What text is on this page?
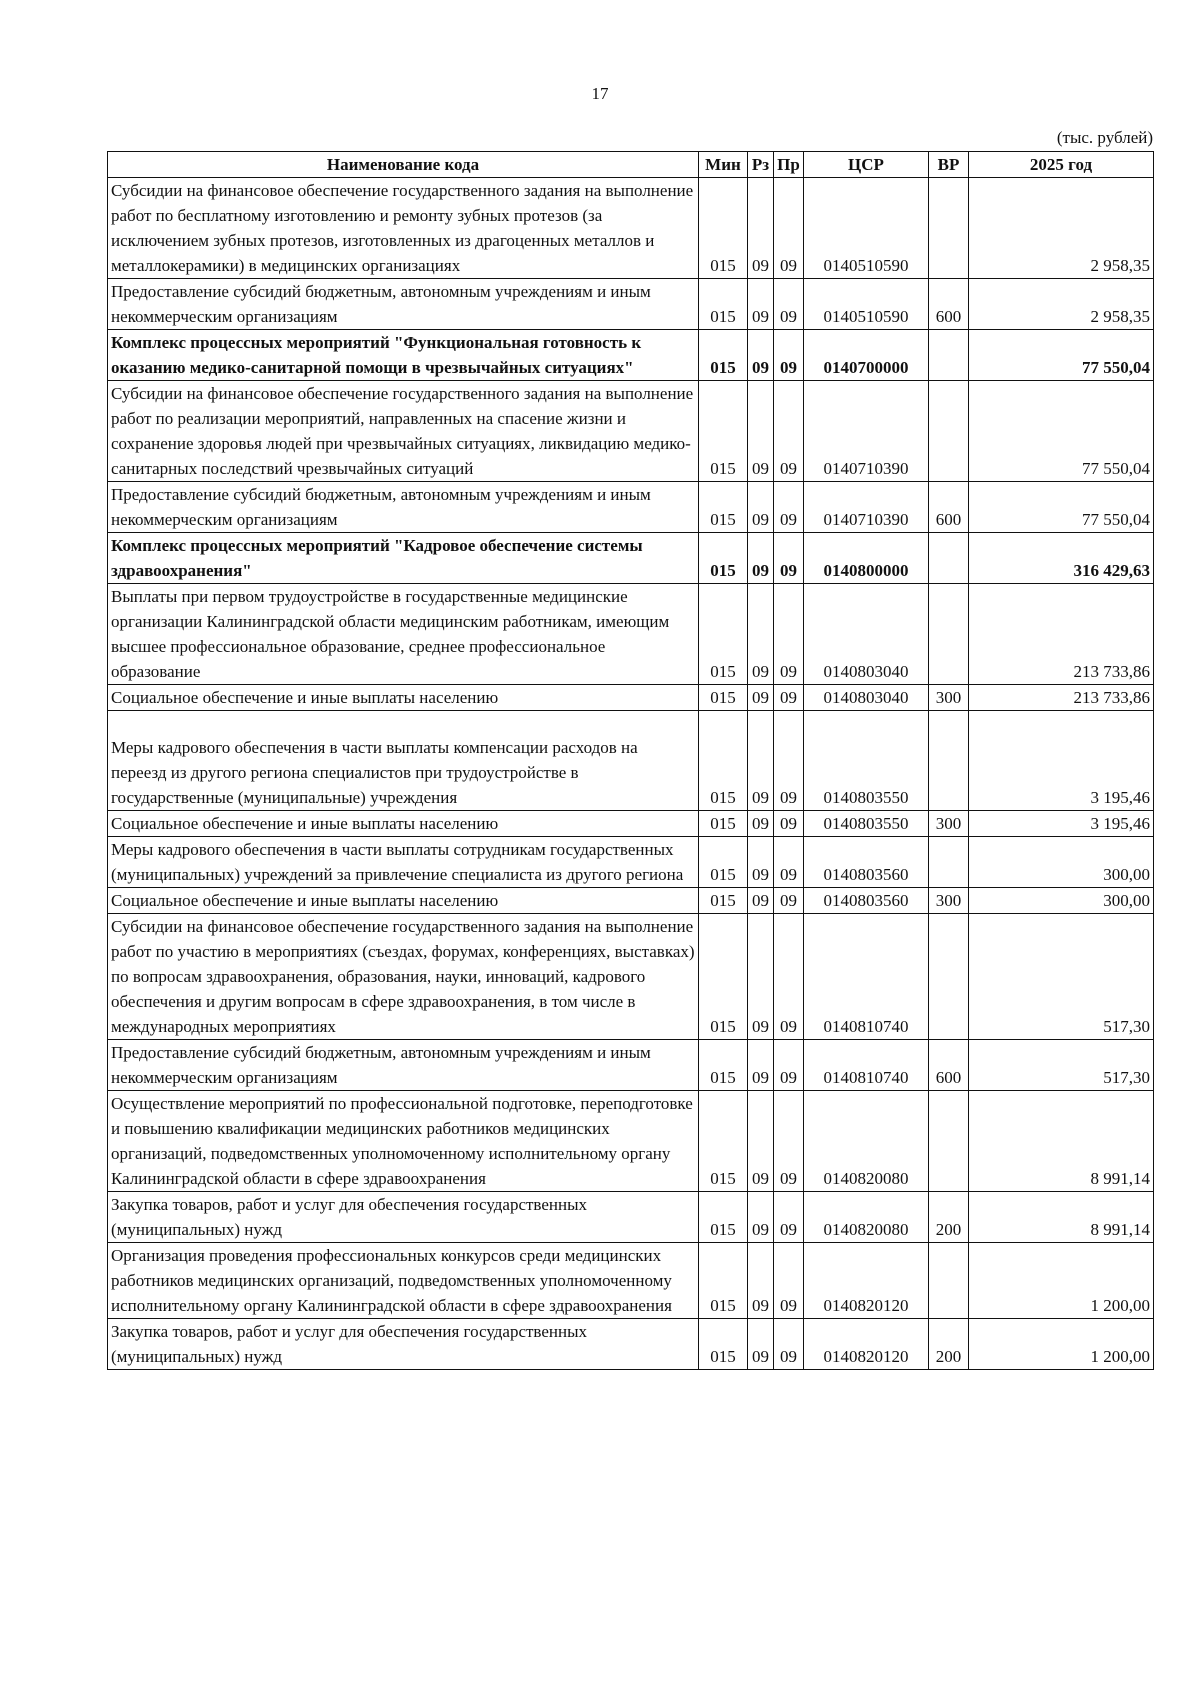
17
(тыс. рублей)
Наименование кода	Мин	Рз	Пр	ЦСР	ВР	2025 год
Субсидии на финансовое обеспечение государственного задания на выполнение работ по бесплатному изготовлению и ремонту зубных протезов (за исключением зубных протезов, изготовленных из драгоценных металлов и металлокерамики) в медицинских организациях	015	09	09	0140510590		2 958,35
Предоставление субсидий бюджетным, автономным учреждениям и иным некоммерческим организациям	015	09	09	0140510590	600	2 958,35
Комплекс процессных мероприятий "Функциональная готовность к оказанию медико-санитарной помощи в чрезвычайных ситуациях"	015	09	09	0140700000		77 550,04
Субсидии на финансовое обеспечение государственного задания на выполнение работ по реализации мероприятий, направленных на спасение жизни и сохранение здоровья людей при чрезвычайных ситуациях, ликвидацию медико-санитарных последствий чрезвычайных ситуаций	015	09	09	0140710390		77 550,04
Предоставление субсидий бюджетным, автономным учреждениям и иным некоммерческим организациям	015	09	09	0140710390	600	77 550,04
Комплекс процессных мероприятий "Кадровое обеспечение системы здравоохранения"	015	09	09	0140800000		316 429,63
Выплаты при первом трудоустройстве в государственные медицинские организации Калининградской области медицинским работникам, имеющим высшее профессиональное образование, среднее профессиональное образование	015	09	09	0140803040		213 733,86
Социальное обеспечение и иные выплаты населению	015	09	09	0140803040	300	213 733,86
Меры кадрового обеспечения в части выплаты компенсации расходов на переезд из другого региона специалистов при трудоустройстве в государственные (муниципальные) учреждения	015	09	09	0140803550		3 195,46
Социальное обеспечение и иные выплаты населению	015	09	09	0140803550	300	3 195,46
Меры кадрового обеспечения в части выплаты сотрудникам государственных (муниципальных) учреждений за привлечение специалиста из другого региона	015	09	09	0140803560		300,00
Социальное обеспечение и иные выплаты населению	015	09	09	0140803560	300	300,00
Субсидии на финансовое обеспечение государственного задания на выполнение работ по участию в мероприятиях (съездах, форумах, конференциях, выставках) по вопросам здравоохранения, образования, науки, инноваций, кадрового обеспечения и другим вопросам в сфере здравоохранения, в том числе в международных мероприятиях	015	09	09	0140810740		517,30
Предоставление субсидий бюджетным, автономным учреждениям и иным некоммерческим организациям	015	09	09	0140810740	600	517,30
Осуществление мероприятий по профессиональной подготовке, переподготовке и повышению квалификации медицинских работников медицинских организаций, подведомственных уполномоченному исполнительному органу Калининградской области в сфере здравоохранения	015	09	09	0140820080		8 991,14
Закупка товаров, работ и услуг для обеспечения государственных (муниципальных) нужд	015	09	09	0140820080	200	8 991,14
Организация проведения профессиональных конкурсов среди медицинских работников медицинских организаций, подведомственных уполномоченному исполнительному органу Калининградской области в сфере здравоохранения	015	09	09	0140820120		1 200,00
Закупка товаров, работ и услуг для обеспечения государственных (муниципальных) нужд	015	09	09	0140820120	200	1 200,00
